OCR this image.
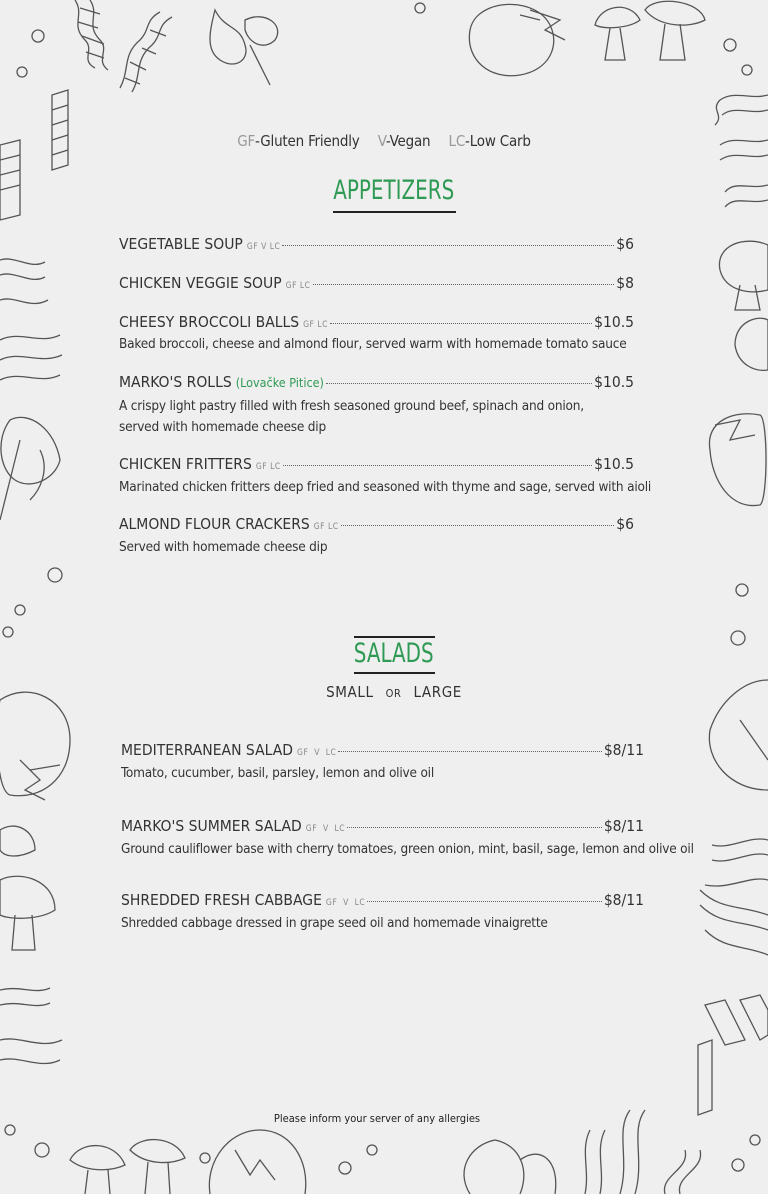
GF-Gluten Friendly V-Vegan LC-Low Carb
APPETIZERS
VEGETABLE SOUP GF V LC	$6
CHICKEN VEGGIE SOUP GF LC	$8
CHEESY BROCCOLI BALLS GF LC	$10.5
Baked broccoli, cheese and almond flour, served warm with homemade tomato sauce
MARKO'S ROLLS (Lovačke Pitice)	$10.5
A crispy light pastry filled with fresh seasoned ground beef, spinach and onion,
served with homemade cheese dip
CHICKEN FRITTERS GF LC	$10.5
Marinated chicken fritters deep fried and seasoned with thyme and sage, served with aioli
ALMOND FLOUR CRACKERS GF LC	$6
Served with homemade cheese dip
SALADS
SMALL OR LARGE
MEDITERRANEAN SALAD GF  V  LC	$8/11
Tomato, cucumber, basil, parsley, lemon and olive oil
MARKO'S SUMMER SALAD GF  V  LC	$8/11
Ground cauliflower base with cherry tomatoes, green onion, mint, basil, sage, lemon and olive oil
SHREDDED FRESH CABBAGE GF  V  LC	$8/11
Shredded cabbage dressed in grape seed oil and homemade vinaigrette
Please inform your server of any allergies
